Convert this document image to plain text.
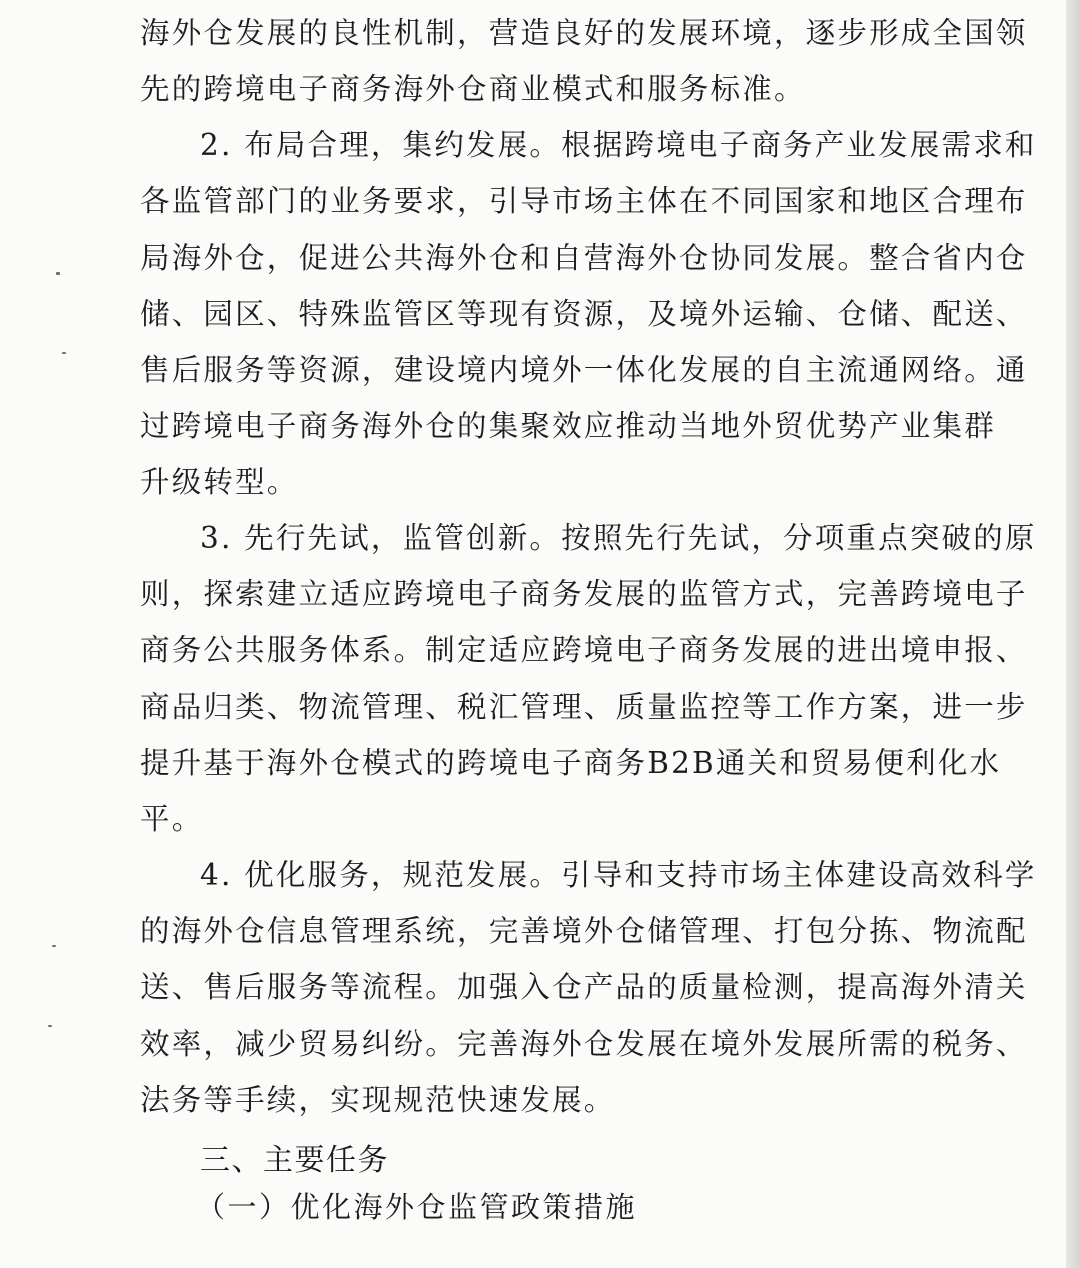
海外仓发展的良性机制，营造良好的发展环境，逐步形成全国领
先的跨境电子商务海外仓商业模式和服务标准。
2. 布局合理，集约发展。根据跨境电子商务产业发展需求和
各监管部门的业务要求，引导市场主体在不同国家和地区合理布
局海外仓，促进公共海外仓和自营海外仓协同发展。整合省内仓
储、园区、特殊监管区等现有资源，及境外运输、仓储、配送、
售后服务等资源，建设境内境外一体化发展的自主流通网络。通
过跨境电子商务海外仓的集聚效应推动当地外贸优势产业集群
升级转型。
3. 先行先试，监管创新。按照先行先试，分项重点突破的原
则，探索建立适应跨境电子商务发展的监管方式，完善跨境电子
商务公共服务体系。制定适应跨境电子商务发展的进出境申报、
商品归类、物流管理、税汇管理、质量监控等工作方案，进一步
提升基于海外仓模式的跨境电子商务B2B通关和贸易便利化水
平。
4. 优化服务，规范发展。引导和支持市场主体建设高效科学
的海外仓信息管理系统，完善境外仓储管理、打包分拣、物流配
送、售后服务等流程。加强入仓产品的质量检测，提高海外清关
效率，减少贸易纠纷。完善海外仓发展在境外发展所需的税务、
法务等手续，实现规范快速发展。
三、主要任务
（一）优化海外仓监管政策措施
